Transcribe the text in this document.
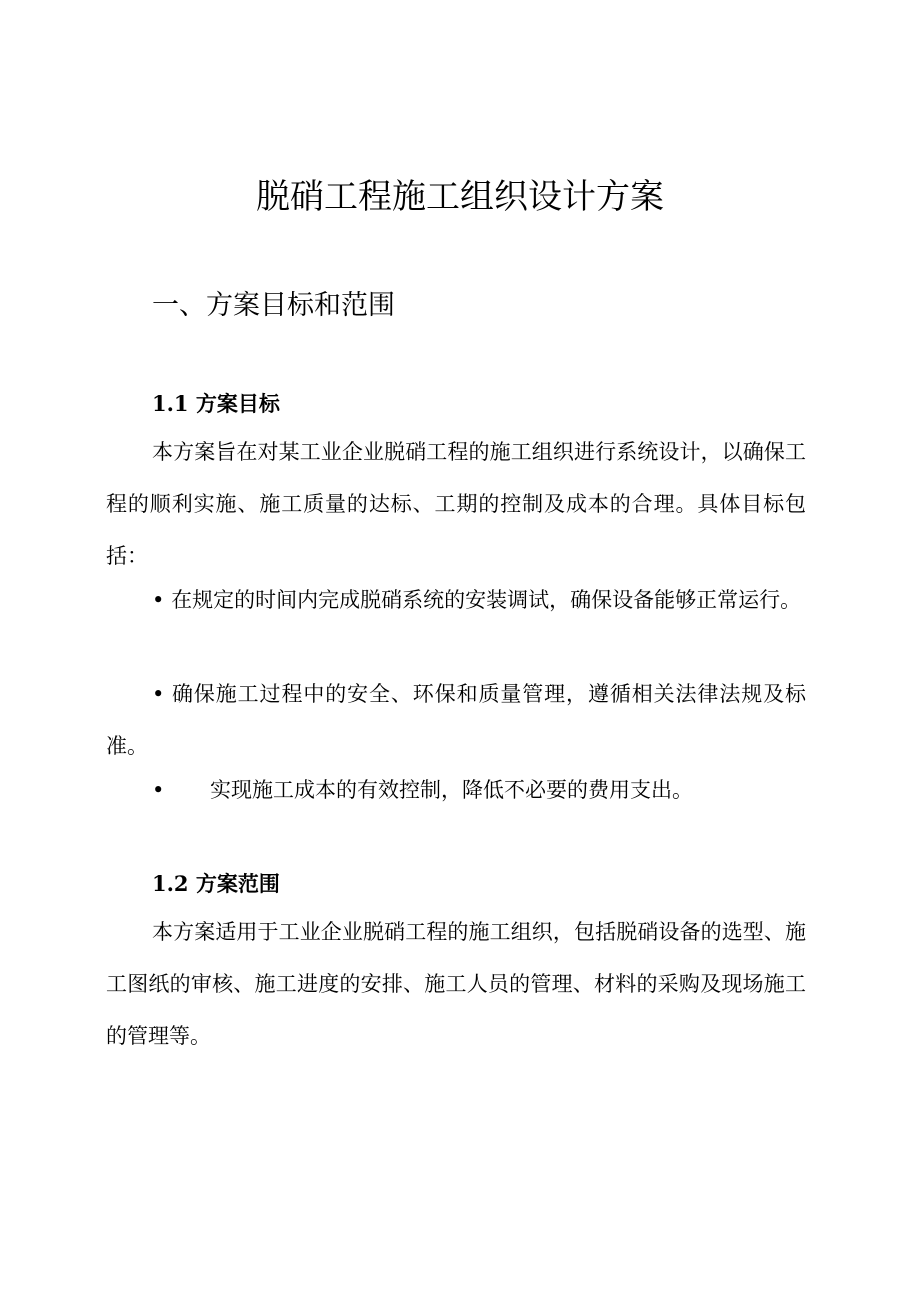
脱硝工程施工组织设计方案
一、方案目标和范围
1.1 方案目标

本方案旨在对某工业企业脱硝工程的施工组织进行系统设计，以确保工程的顺利实施、施工质量的达标、工期的控制及成本的合理。具体目标包括：

• 在规定的时间内完成脱硝系统的安装调试，确保设备能够正常运行。

• 确保施工过程中的安全、环保和质量管理，遵循相关法律法规及标准。

• 实现施工成本的有效控制，降低不必要的费用支出。

1.2 方案范围

本方案适用于工业企业脱硝工程的施工组织，包括脱硝设备的选型、施工图纸的审核、施工进度的安排、施工人员的管理、材料的采购及现场施工的管理等。
